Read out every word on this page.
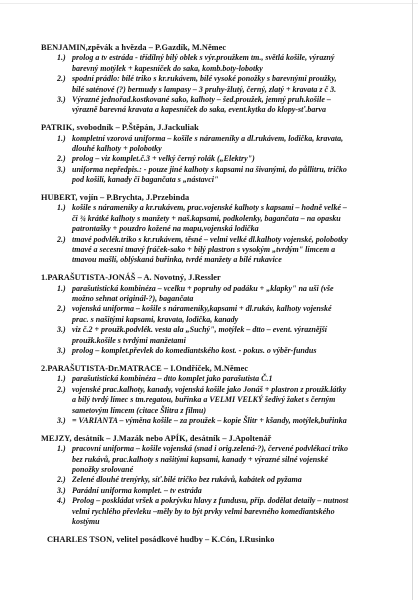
BENJAMIN,zpěvák a hvězda – P.Gazdík, M.Němec
1.) prolog a tv estráda - třídílný bílý oblek s výr.proužkem tm., světlá košile, výrazný
barevný motýlek + kapesníček do saka, komb.boty-lobotky
2.) spodní prádlo: bílé triko s kr.rukávem, bílé vysoké ponožky s barevnými proužky,
bílé saténové (?) bermudy s lampasy – 3 pruhy-žlutý, černý, zlatý + kravata z č 3.
3.) Výrazné jednořad.kostkované sako, kalhoty – šed.proužek, jemný pruh.košile –
výrazně barevná kravata a kapesníček do saka, event.kytka do klopy-sť.barva
PATRIK, svobodník – P.Štěpán, J.Jackuliak
1.) kompletní vzorová uniforma – košile s nárameníky a dl.rukávem, lodička, kravata,
dlouhé kalhoty + polobotky
2.) prolog – viz komplet.č.3 + velký černý rolák („Elektry")
3.) uniforma nepředpis.: - pouze jiné kalhoty s kapsami na šivanými, do půllitru, tričko
pod košilí, kanady či bagančata s „nástavci"
HUBERT, vojín – P.Brychta, J.Przebinda
1.) košile s nárameníky a kr.rukávem, prac.vojenské kalhoty s kapsami – hodně velké –
či ¾ krátké kalhoty s manžety + naš.kapsami, podkolenky, bagančata – na opasku
patrontašky + pouzdro kožené na mapu,vojenská lodička
2.) tmavé podvlék.triko s kr.rukávem, těsné – velmi velké dl.kalhoty vojenské, polobotky
tmavé a secesní tmavý fráček-sako + bílý plastron s vysokým „tvrdým" límcem a
tmavou mašlí, oblýskaná buřinka, tvrdé manžety a bílé rukavice
1.PARAŠUTISTA-JONÁŠ – A. Novotný, J.Ressler
1.) parašutistická kombinéza – vcelku + popruhy od padáku + „klapky" na uši (vše
možno sehnat originál-?), bagančata
2.) vojenská uniforma – košile s nárameníky,kapsami + dl.rukáv, kalhoty vojenské
prac. s našitými kapsami, kravata, lodička, kanady
3.) viz č.2 + proužk.podvlék. vesta ala „Suchý", motýlek – dtto – event. výraznější
proužk.košile s tvrdými manžetami
3.) prolog – komplet.převlek do komediantského kost. - pokus. o výběr-fundus
2.PARAŠUTISTA-Dr.MATRACE – I.Ondříček, M.Němec
1.) parašutistická kombinéza – dtto komplet jako parašutista Č.1
2.) vojenské prac.kalhoty, kanady, vojenská košile jako Jonáš + plastron z proužk.látky
a bílý tvrdý límec s tm.regatou, buřinka a VELMI VELKÝ šedivý žaket s černým
sametovým límcem (citace Šlitra z filmu)
3.) = VARIANTA – výměna košile – za proužek – kopie Šlitr + kšandy, motýlek,buřinka
MEJZY, desátník – J.Mazák nebo APÍK, desátník – J.Apoltenář
1.) pracovní uniforma – košile vojenská (snad i orig.zelená-?), červené podvlékací triko
bez rukávů, prac.kalhoty s našitými kapsami, kanady + výrazné silné vojenské
ponožky srolované
2.) Zelené dlouhé trenýrky, síť.bílé tričko bez rukávů, kabátek od pyžama
3.) Parádní uniforma komplet. – tv estráda
4.) Prolog – poskládat vršek a pokrývku hlavy z fundusu, příp. dodělat detaily – nutnost
velmi rychlého převleku –měly by to být prvky velmi barevného komediantského
kostýmu
CHARLES TSON, velitel posádkové hudby – K.Cón, I.Rusinko
